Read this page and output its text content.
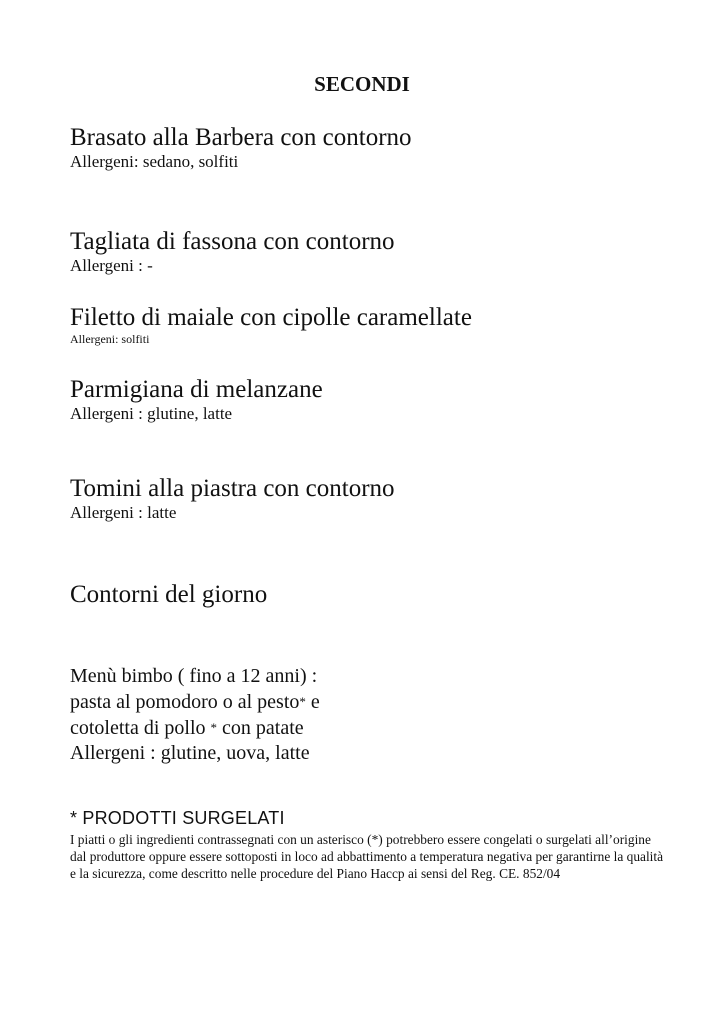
SECONDI
Brasato alla Barbera con contorno
Allergeni: sedano, solfiti
Tagliata di fassona con contorno
Allergeni : -
Filetto di maiale con cipolle caramellate
Allergeni: solfiti
Parmigiana di melanzane
Allergeni : glutine, latte
Tomini alla piastra con contorno
Allergeni : latte
Contorni del giorno
Menù bimbo ( fino a 12 anni) :
pasta al pomodoro o al pesto* e
cotoletta di pollo * con patate
Allergeni : glutine, uova, latte
* PRODOTTI SURGELATI
I piatti o gli ingredienti contrassegnati con un asterisco (*) potrebbero essere congelati o surgelati all’origine dal produttore oppure essere sottoposti in loco ad abbattimento a temperatura negativa per garantirne la qualità e la sicurezza, come descritto nelle procedure del Piano Haccp ai sensi del Reg. CE. 852/04
